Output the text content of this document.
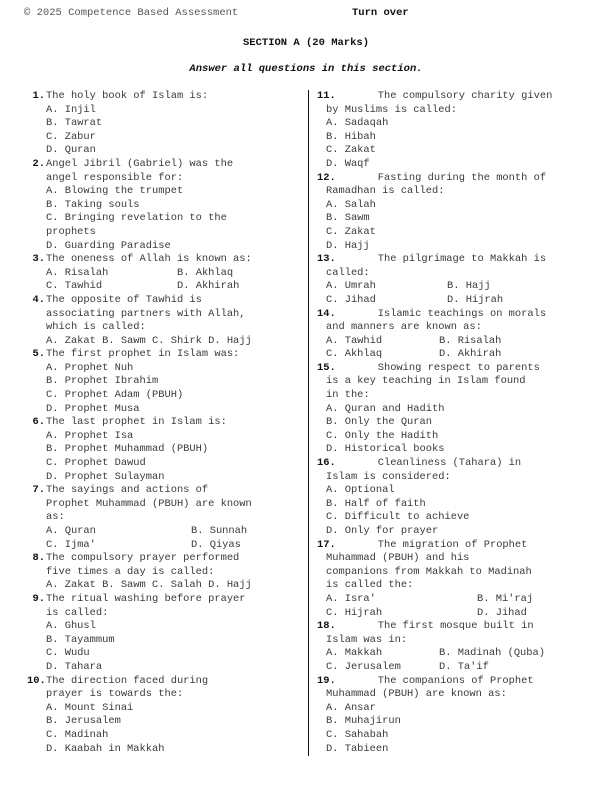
© 2025 Competence Based Assessment	Turn over
SECTION A (20 Marks)
Answer all questions in this section.
1.The holy book of Islam is:
A. Injil
B. Tawrat
C. Zabur
D. Quran
2.Angel Jibril (Gabriel) was the
angel responsible for:
A. Blowing the trumpet
B. Taking souls
C. Bringing revelation to the
prophets
D. Guarding Paradise
3.The oneness of Allah is known as:
A. Risalah	B. Akhlaq
C. Tawhid	D. Akhirah
4.The opposite of Tawhid is
associating partners with Allah,
which is called:
A. Zakat B. Sawm C. Shirk D. Hajj
5.The first prophet in Islam was:
A. Prophet Nuh
B. Prophet Ibrahim
C. Prophet Adam (PBUH)
D. Prophet Musa
6.The last prophet in Islam is:
A. Prophet Isa
B. Prophet Muhammad (PBUH)
C. Prophet Dawud
D. Prophet Sulayman
7.The sayings and actions of
Prophet Muhammad (PBUH) are known
as:
A. Quran	B. Sunnah
C. Ijma'	D. Qiyas
8.The compulsory prayer performed
five times a day is called:
A. Zakat B. Sawm C. Salah D. Hajj
9.The ritual washing before prayer
is called:
A. Ghusl
B. Tayammum
C. Wudu
D. Tahara
10.The direction faced during
prayer is towards the:
A. Mount Sinai
B. Jerusalem
C. Madinah
D. Kaabah in Makkah
11.	The compulsory charity given
by Muslims is called:
A. Sadaqah
B. Hibah
C. Zakat
D. Waqf
12.	Fasting during the month of
Ramadhan is called:
A. Salah
B. Sawm
C. Zakat
D. Hajj
13.	The pilgrimage to Makkah is
called:
A. Umrah	B. Hajj
C. Jihad	D. Hijrah
14.	Islamic teachings on morals
and manners are known as:
A. Tawhid	B. Risalah
C. Akhlaq	D. Akhirah
15.	Showing respect to parents
is a key teaching in Islam found
in the:
A. Quran and Hadith
B. Only the Quran
C. Only the Hadith
D. Historical books
16.	Cleanliness (Tahara) in
Islam is considered:
A. Optional
B. Half of faith
C. Difficult to achieve
D. Only for prayer
17.	The migration of Prophet
Muhammad (PBUH) and his
companions from Makkah to Madinah
is called the:
A. Isra'	B. Mi'raj
C. Hijrah	D. Jihad
18.	The first mosque built in
Islam was in:
A. Makkah	B. Madinah (Quba)
C. Jerusalem	D. Ta'if
19.	The companions of Prophet
Muhammad (PBUH) are known as:
A. Ansar
B. Muhajirun
C. Sahabah
D. Tabieen
